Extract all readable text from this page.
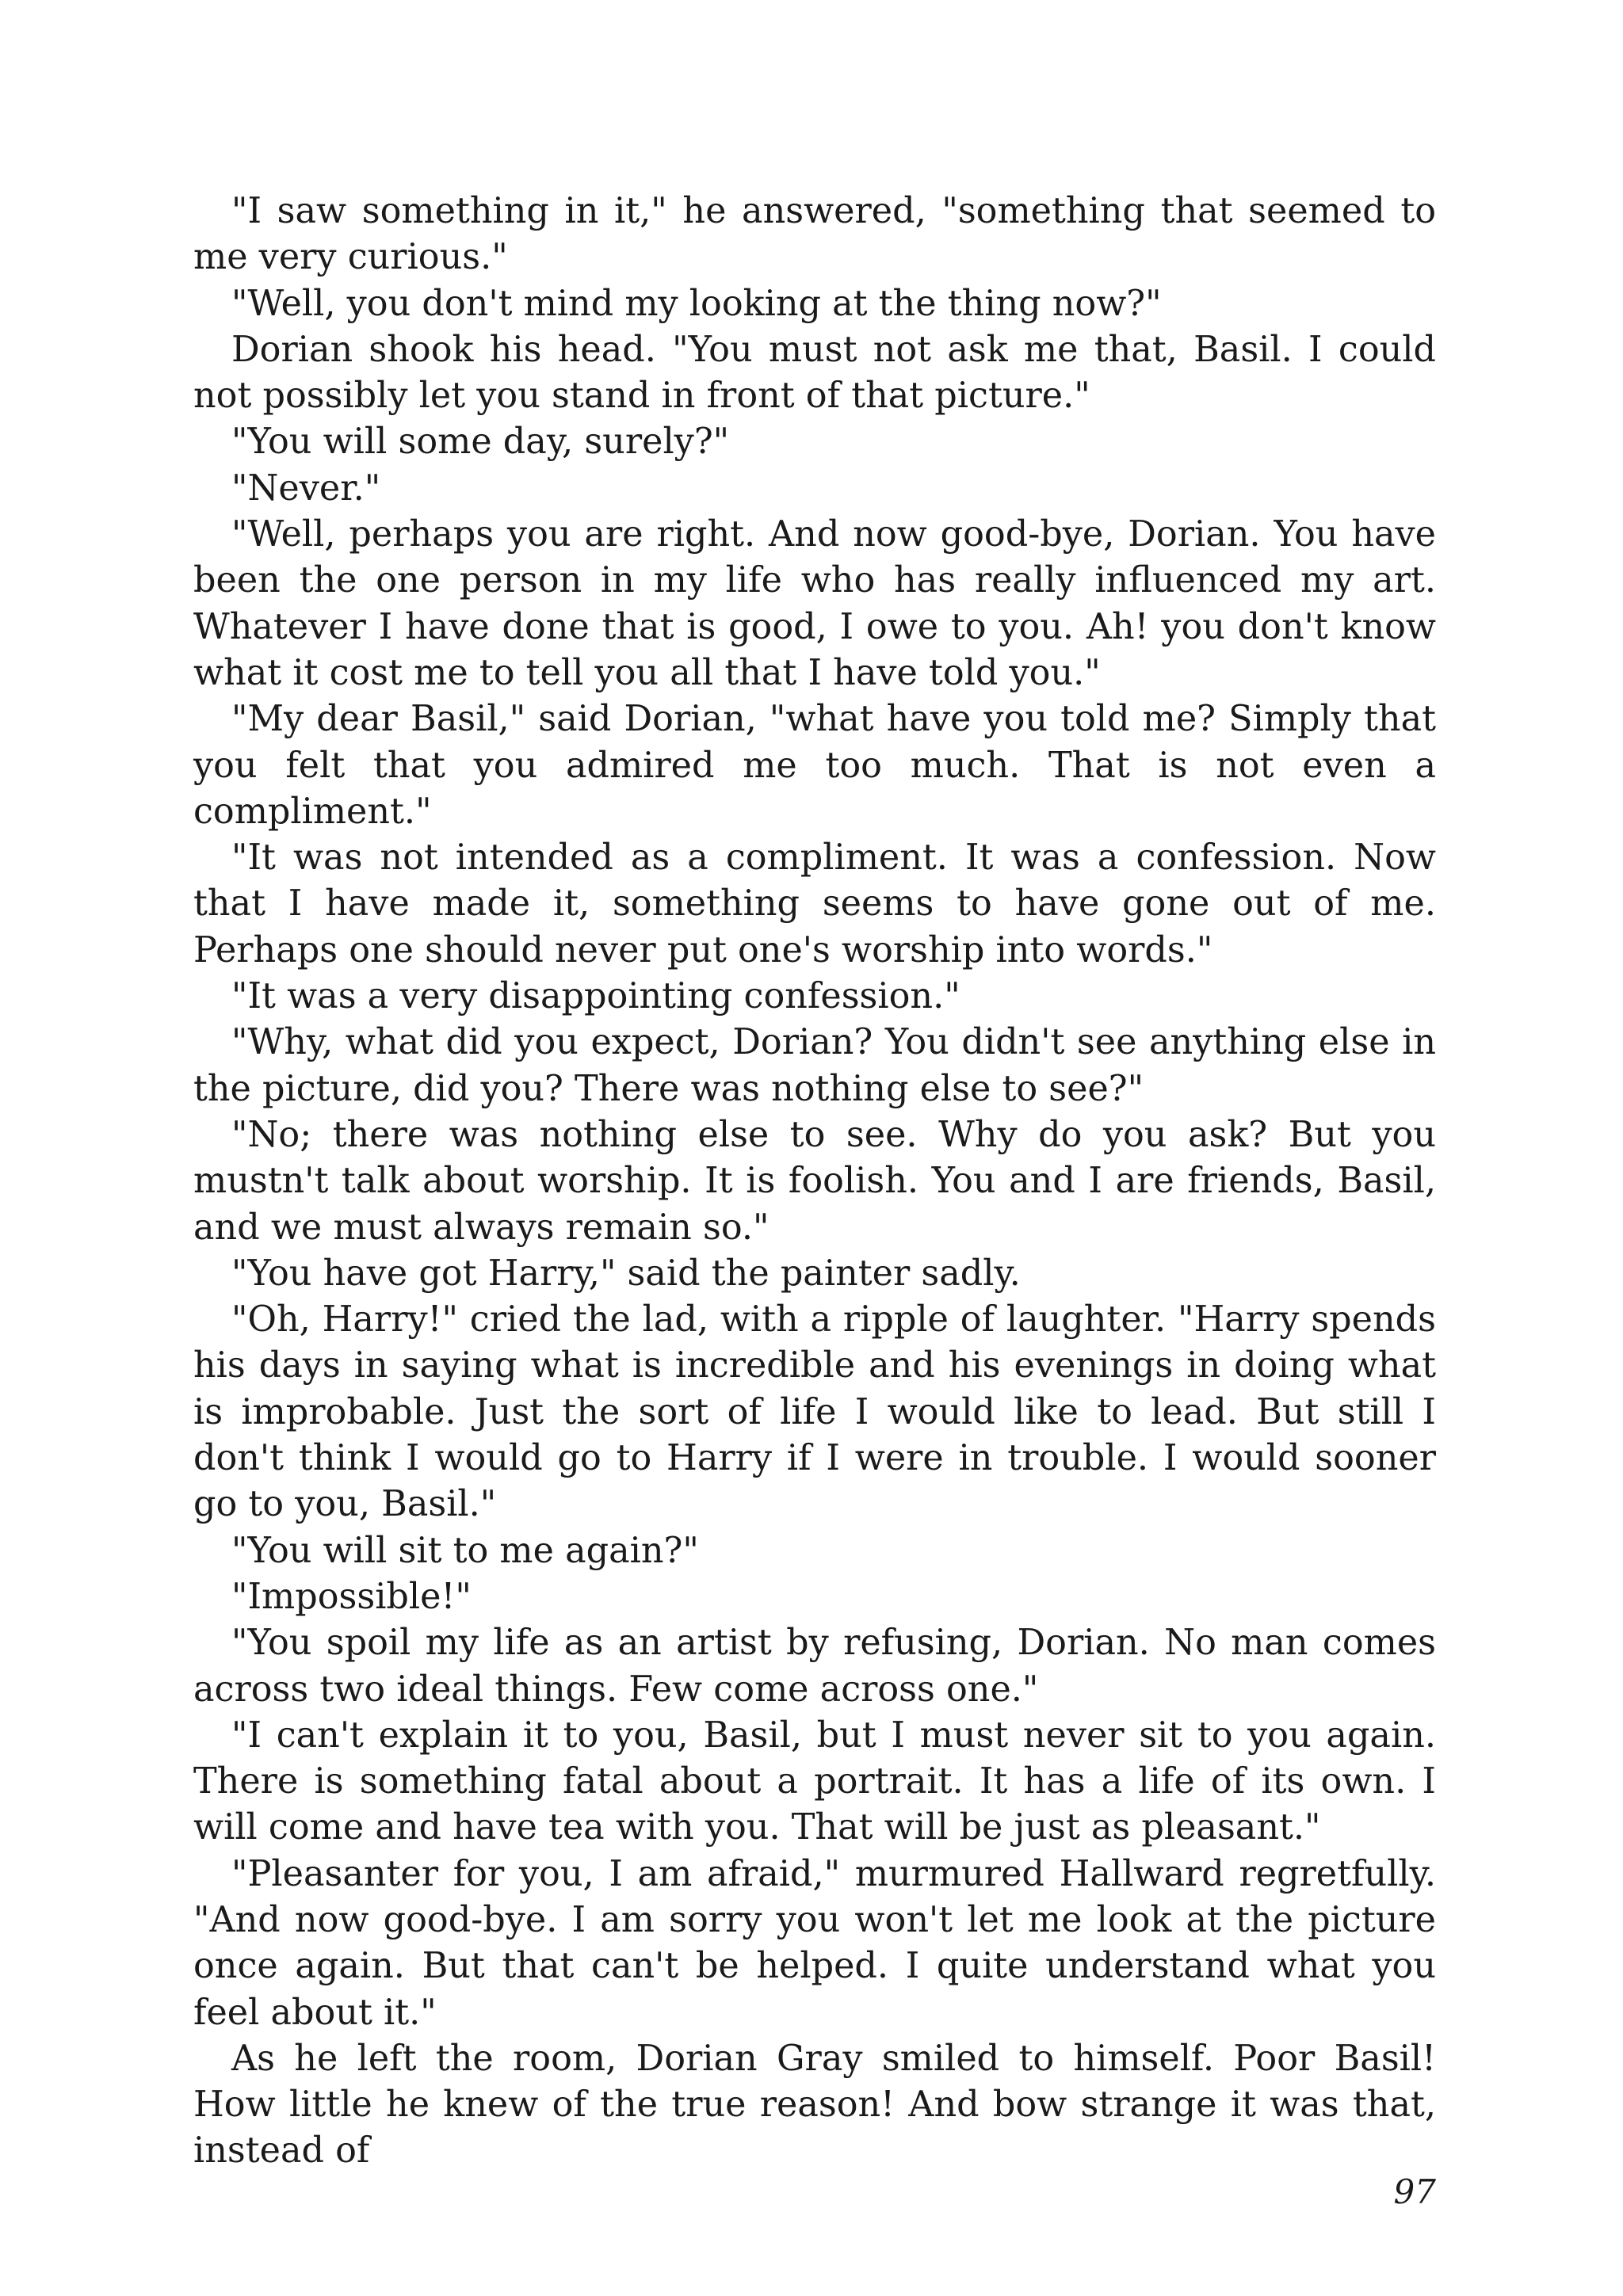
"I saw something in it," he answered, "something that seemed to me very curious."

"Well, you don't mind my looking at the thing now?"

Dorian shook his head. "You must not ask me that, Basil. I could not possibly let you stand in front of that picture."

"You will some day, surely?"

"Never."

"Well, perhaps you are right. And now good-bye, Dorian. You have been the one person in my life who has really influenced my art. Whatever I have done that is good, I owe to you. Ah! you don't know what it cost me to tell you all that I have told you."

"My dear Basil," said Dorian, "what have you told me? Simply that you felt that you admired me too much. That is not even a compliment."

"It was not intended as a compliment. It was a confession. Now that I have made it, something seems to have gone out of me. Perhaps one should never put one's worship into words."

"It was a very disappointing confession."

"Why, what did you expect, Dorian? You didn't see anything else in the picture, did you? There was nothing else to see?"

"No; there was nothing else to see. Why do you ask? But you mustn't talk about worship. It is foolish. You and I are friends, Basil, and we must always remain so."

"You have got Harry," said the painter sadly.

"Oh, Harry!" cried the lad, with a ripple of laughter. "Harry spends his days in saying what is incredible and his evenings in doing what is improbable. Just the sort of life I would like to lead. But still I don't think I would go to Harry if I were in trouble. I would sooner go to you, Basil."

"You will sit to me again?"

"Impossible!"

"You spoil my life as an artist by refusing, Dorian. No man comes across two ideal things. Few come across one."

"I can't explain it to you, Basil, but I must never sit to you again. There is something fatal about a portrait. It has a life of its own. I will come and have tea with you. That will be just as pleasant."

"Pleasanter for you, I am afraid," murmured Hallward regretfully. "And now good-bye. I am sorry you won't let me look at the picture once again. But that can't be helped. I quite understand what you feel about it."

As he left the room, Dorian Gray smiled to himself. Poor Basil! How little he knew of the true reason! And bow strange it was that, instead of

97
